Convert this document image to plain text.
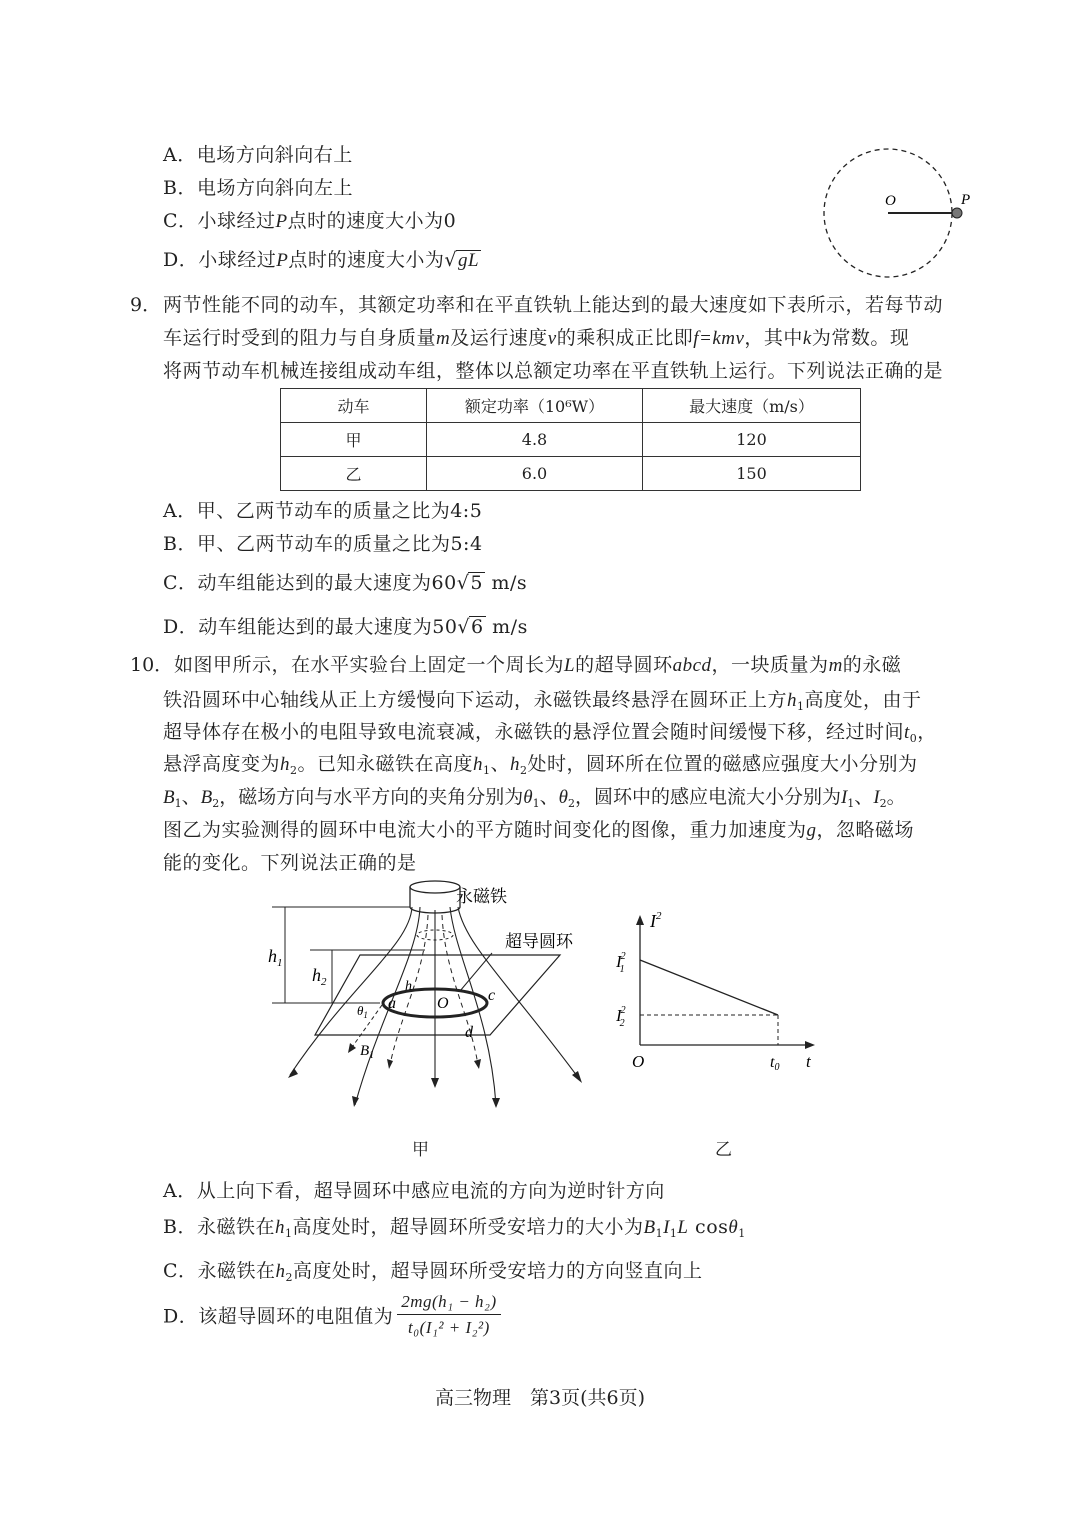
A．电场方向斜向右上
B．电场方向斜向左上
C．小球经过P点时的速度大小为0
D．小球经过P点时的速度大小为√gL
O	P
9． 两节性能不同的动车，其额定功率和在平直铁轨上能达到的最大速度如下表所示，若每节动
车运行时受到的阻力与自身质量m及运行速度v的乘积成正比即f=kmv，其中k为常数。现
将两节动车机械连接组成动车组，整体以总额定功率在平直铁轨上运行。下列说法正确的是
动车	额定功率（10⁶W）	最大速度（m/s）
甲	4.8	120
乙	6.0	150
A．甲、乙两节动车的质量之比为4:5
B．甲、乙两节动车的质量之比为5:4
C．动车组能达到的最大速度为60√5 m/s
D．动车组能达到的最大速度为50√6 m/s
10． 如图甲所示，在水平实验台上固定一个周长为L的超导圆环abcd，一块质量为m的永磁
铁沿圆环中心轴线从正上方缓慢向下运动，永磁铁最终悬浮在圆环正上方$h_1$高度处，由于
超导体存在极小的电阻导致电流衰减，永磁铁的悬浮位置会随时间缓慢下移，经过时间$t_0$，
悬浮高度变为$h_2$。已知永磁铁在高度$h_1$、$h_2$处时，圆环所在位置的磁感应强度大小分别为
$B_1$、$B_2$，磁场方向与水平方向的夹角分别为$\theta_1$、$\theta_2$，圆环中的感应电流大小分别为$I_1$、$I_2$。
图乙为实验测得的圆环中电流大小的平方随时间变化的图像，重力加速度为g，忽略磁场
能的变化。下列说法正确的是
永磁铁
$h_1$
$h_2$	h
超导圆环
a	O c
d
$\theta_1$
$B_1$
甲
$I^2$
I2 1
I2 2
O	t0 t
乙
A．从上向下看，超导圆环中感应电流的方向为逆时针方向
B．永磁铁在$h_1$高度处时，超导圆环所受安培力的大小为$B_1I_1L$ cosθ$_1$
C．永磁铁在$h_2$高度处时，超导圆环所受安培力的方向竖直向上
D．该超导圆环的电阻值为 $\frac{\text{2mg(h₁ − h₂)}}{\text{t₀(I₁² + I₂²)}}$
高三物理　第3页(共6页)
